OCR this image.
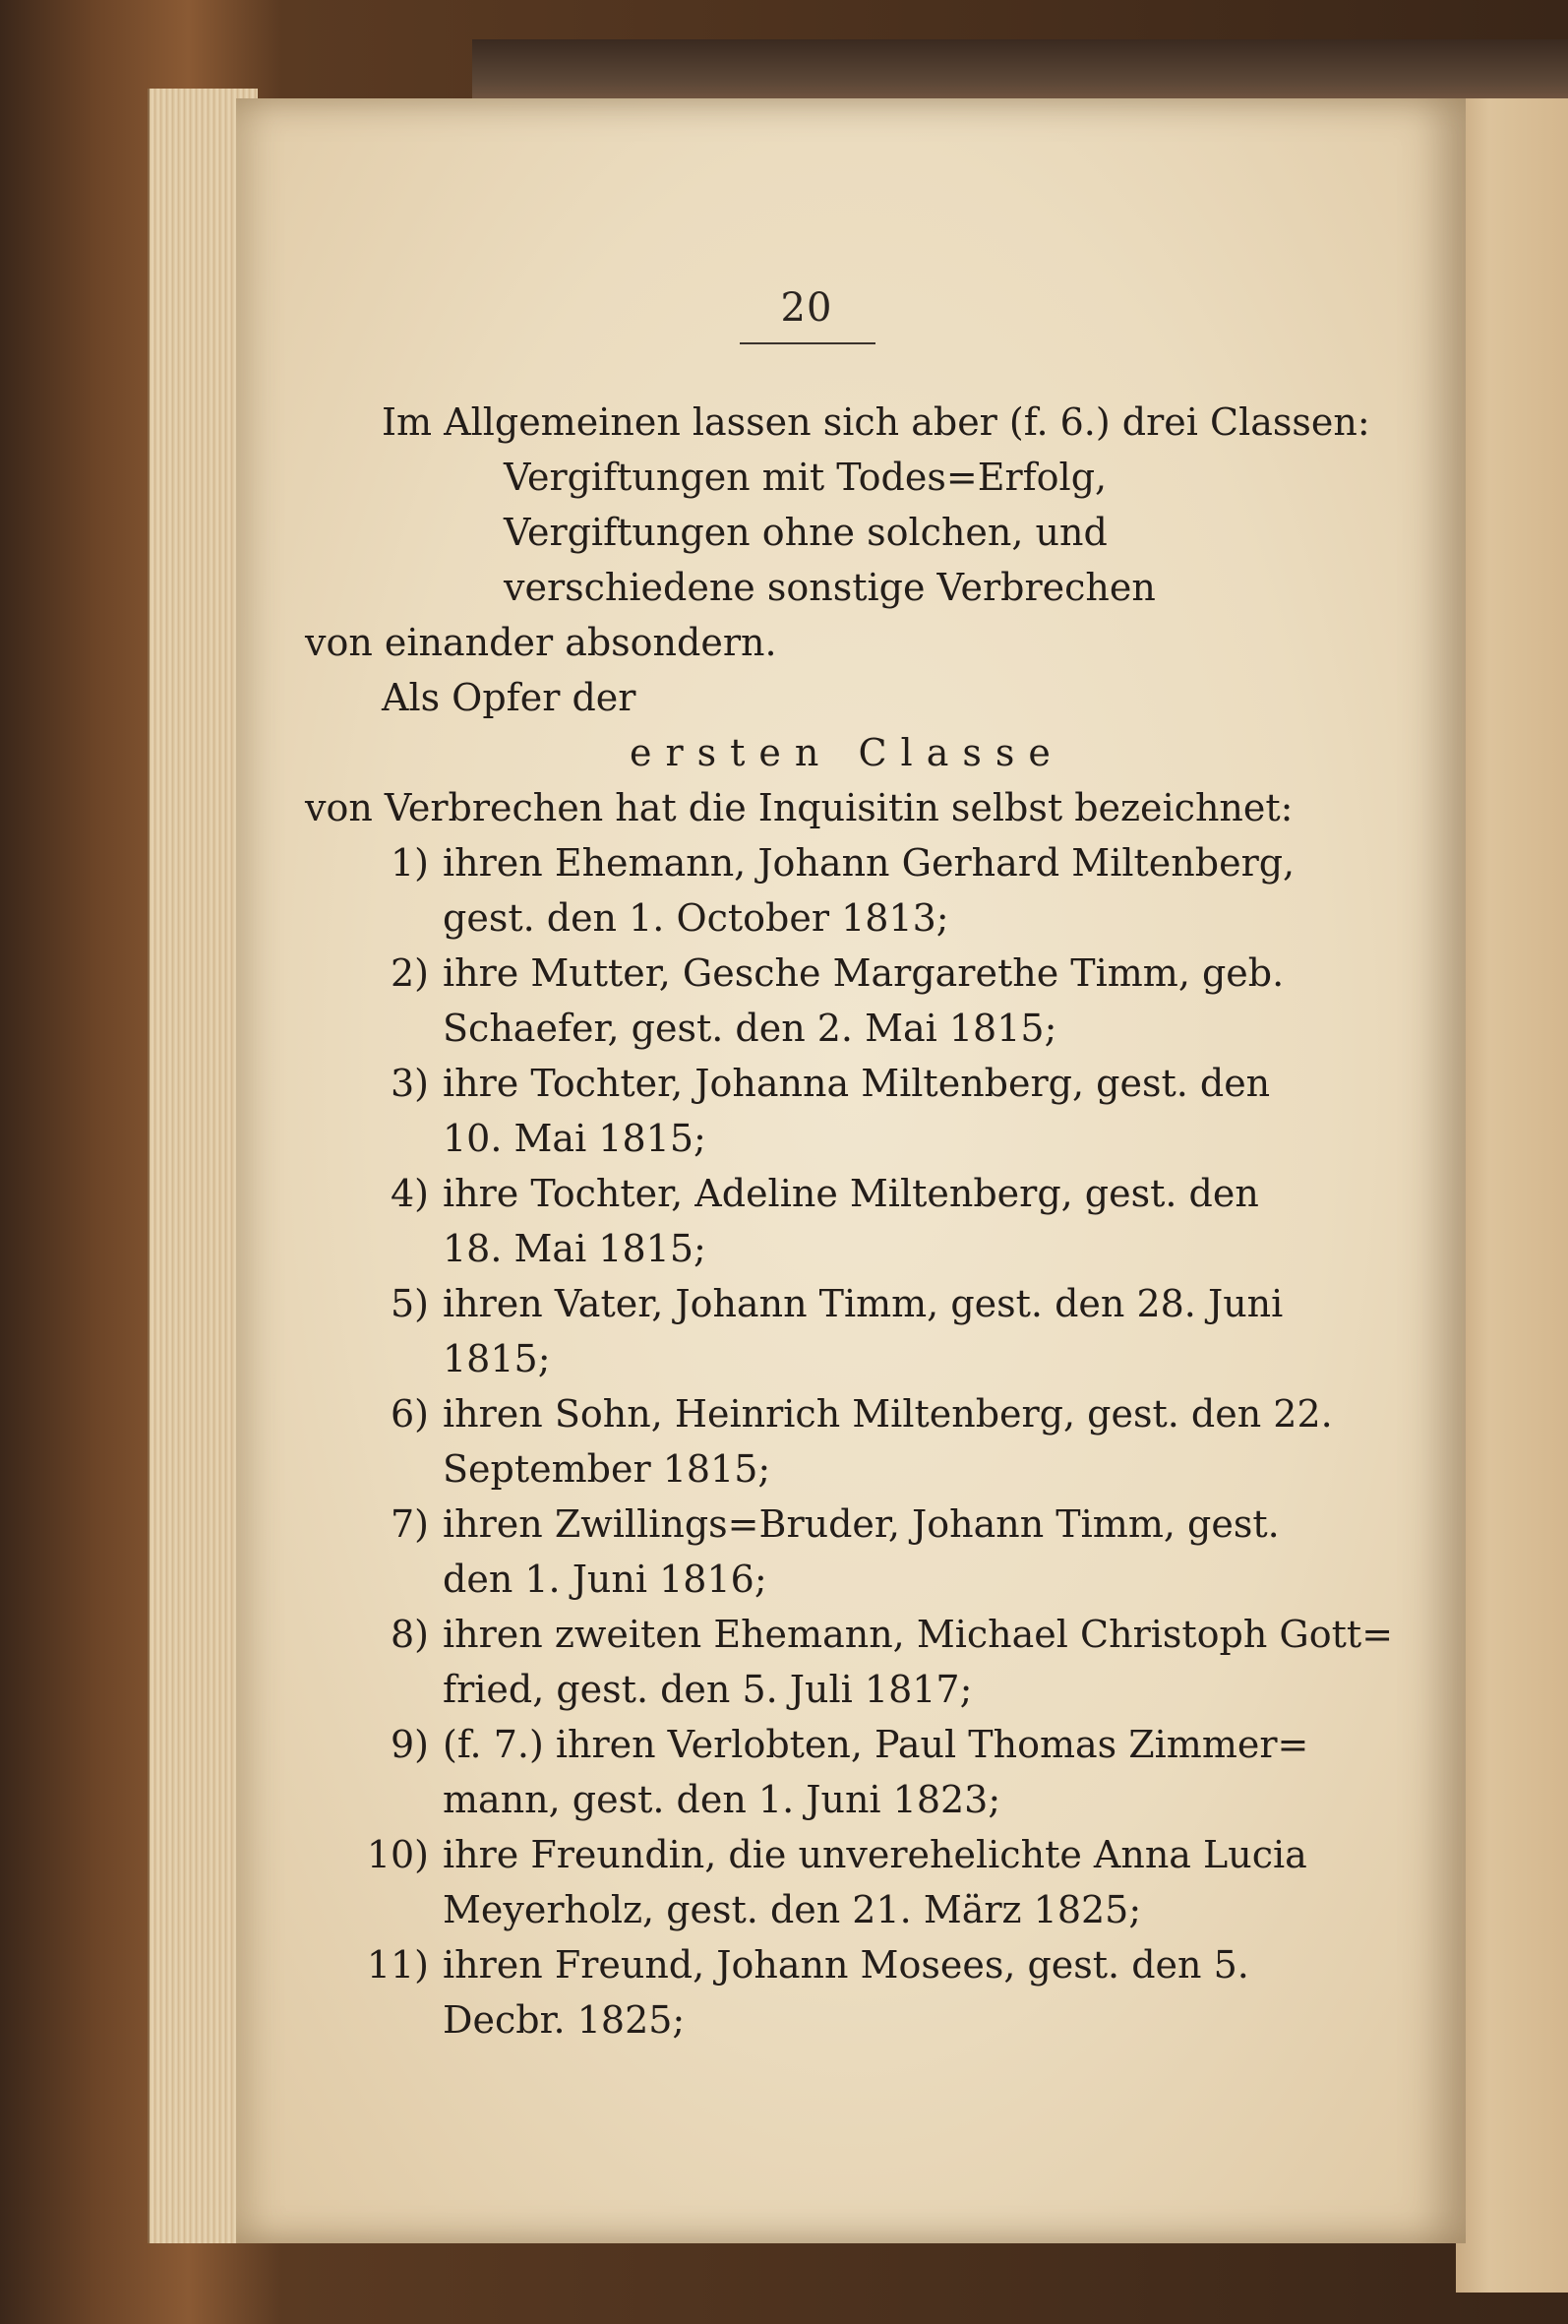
20
Im Allgemeinen lassen sich aber (f. 6.) drei Classen:
Vergiftungen mit Todes=Erfolg,
Vergiftungen ohne solchen, und
verschiedene sonstige Verbrechen
von einander absondern.
Als Opfer der
ersten Classe
von Verbrechen hat die Inquisitin selbst bezeichnet:
1) ihren Ehemann, Johann Gerhard Miltenberg,
gest. den 1. October 1813;
2) ihre Mutter, Gesche Margarethe Timm, geb.
Schaefer, gest. den 2. Mai 1815;
3) ihre Tochter, Johanna Miltenberg, gest. den
10. Mai 1815;
4) ihre Tochter, Adeline Miltenberg, gest. den
18. Mai 1815;
5) ihren Vater, Johann Timm, gest. den 28. Juni
1815;
6) ihren Sohn, Heinrich Miltenberg, gest. den 22.
September 1815;
7) ihren Zwillings=Bruder, Johann Timm, gest.
den 1. Juni 1816;
8) ihren zweiten Ehemann, Michael Christoph Gott=
fried, gest. den 5. Juli 1817;
9) (f. 7.) ihren Verlobten, Paul Thomas Zimmer=
mann, gest. den 1. Juni 1823;
10) ihre Freundin, die unverehelichte Anna Lucia
Meyerholz, gest. den 21. März 1825;
11) ihren Freund, Johann Mosees, gest. den 5.
Decbr. 1825;
